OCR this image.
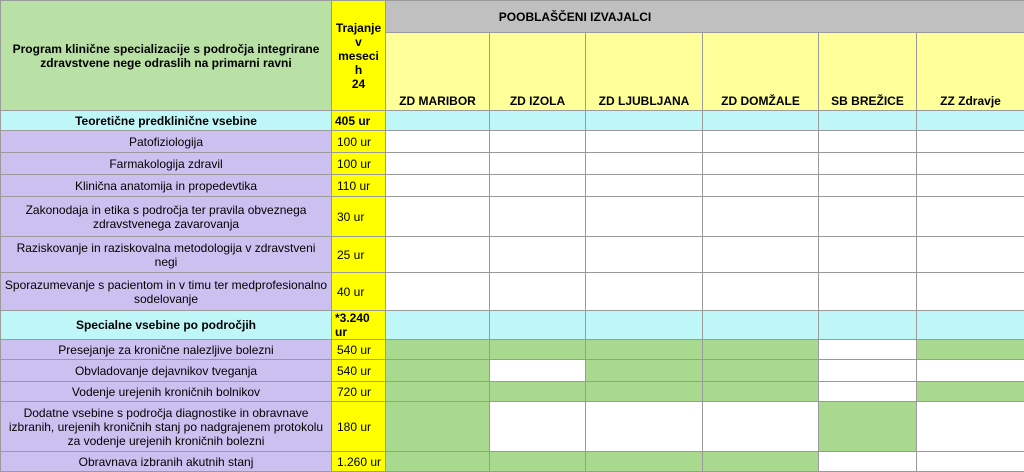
Program klinične specializacije s področja integrirane zdravstvene nege odraslih na primarni ravni	Trajanje
v
meseci
h
24	POOBLAŠČENI IZVAJALCI					
		ZD MARIBOR	ZD IZOLA	ZD LJUBLJANA	ZD DOMŽALE	SB BREŽICE	ZZ Zdravje

Teoretične predklinične vsebine	405 ur						
Patofiziologija	100 ur						
Farmakologija zdravil	100 ur						
Klinična anatomija in propedevtika	110 ur						
Zakonodaja in etika s področja ter pravila obveznega zdravstvenega zavarovanja	30 ur						
Raziskovanje in raziskovalna metodologija v zdravstveni negi	25 ur						
Sporazumevanje s pacientom in v timu ter medprofesionalno sodelovanje	40 ur						
Specialne vsebine po področjih	*3.240 ur						
Presejanje za kronične nalezljive bolezni	540 ur						
Obvladovanje dejavnikov tveganja	540 ur						
Vodenje urejenih kroničnih bolnikov	720 ur						
Dodatne vsebine s področja diagnostike in obravnave izbranih, urejenih kroničnih stanj po nadgrajenem protokolu za vodenje urejenih kroničnih bolezni	180 ur						
Obravnava izbranih akutnih stanj	1.260 ur						
